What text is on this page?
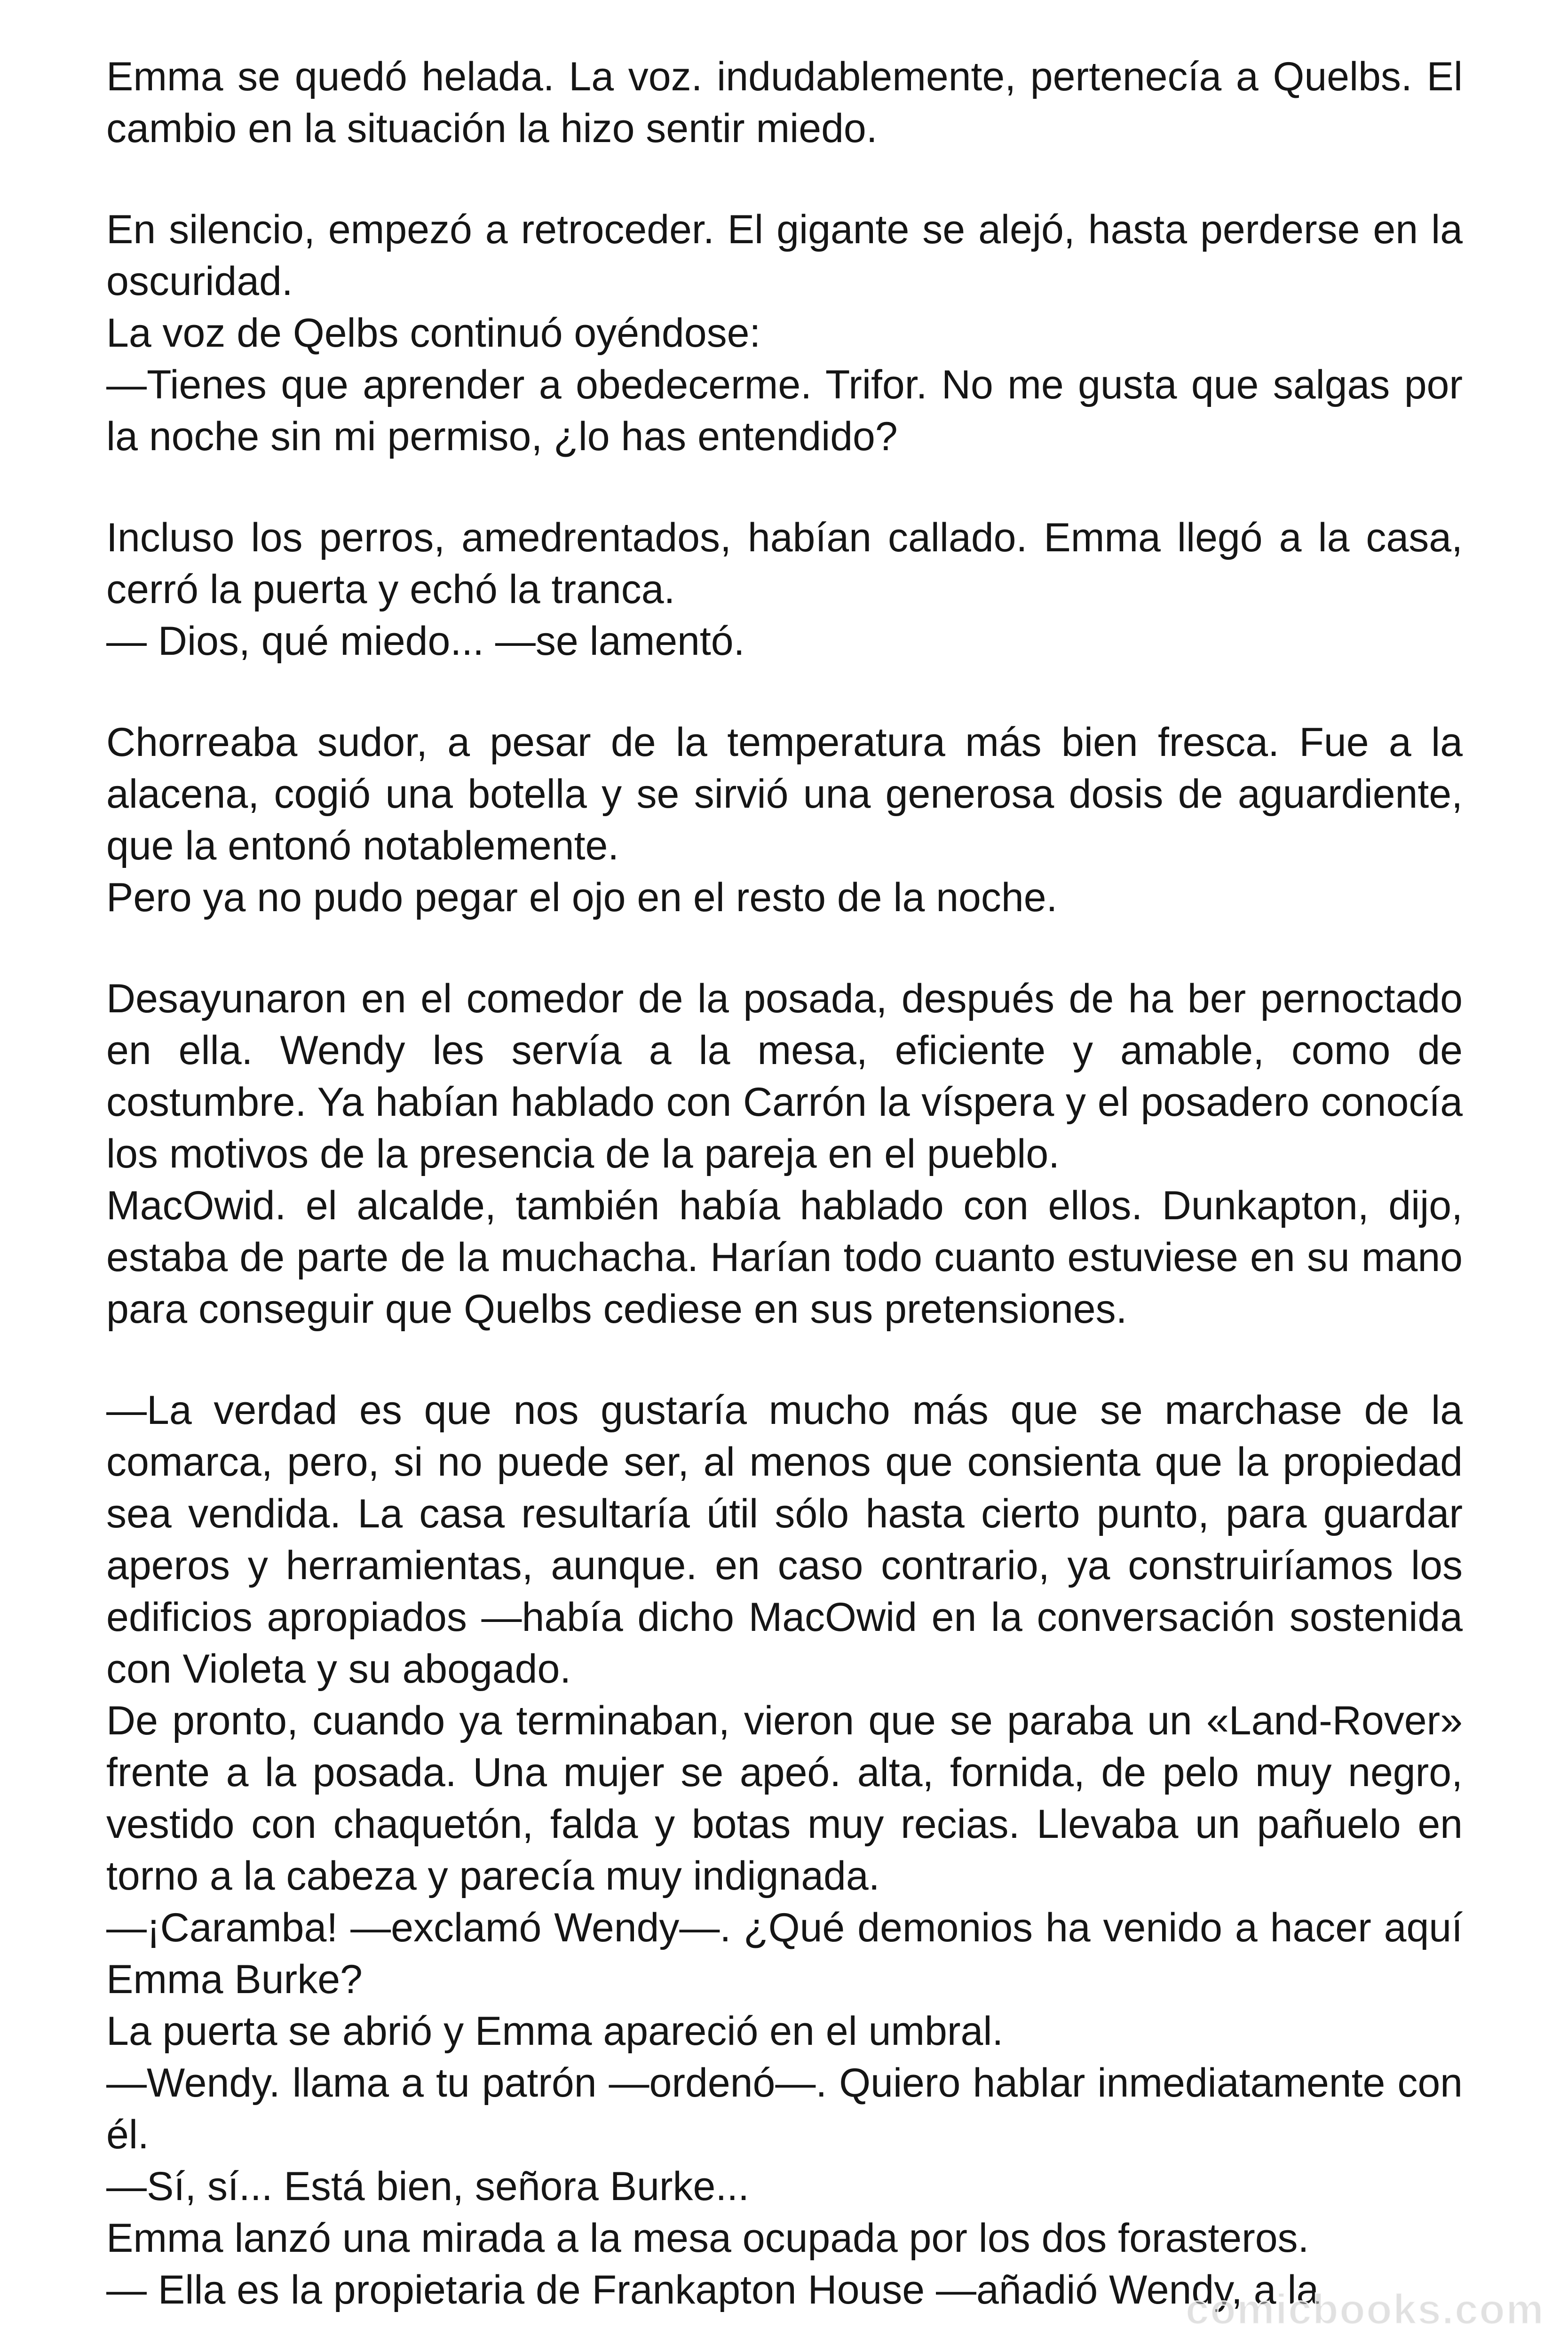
Emma se quedó helada. La voz. indudablemente, pertenecía a Quelbs. El cambio en la situación la hizo sentir miedo.
En silencio, empezó a retroceder. El gigante se alejó, hasta perderse en la oscuridad.
La voz de Qelbs continuó oyéndose:
—Tienes que aprender a obedecerme. Trifor. No me gusta que salgas por la noche sin mi permiso, ¿lo has entendido?
Incluso los perros, amedrentados, habían callado. Emma llegó a la casa, cerró la puerta y echó la tranca.
— Dios, qué miedo... —se lamentó.
Chorreaba sudor, a pesar de la temperatura más bien fresca. Fue a la alacena, cogió una botella y se sirvió una generosa dosis de aguardiente, que la entonó notablemente.
Pero ya no pudo pegar el ojo en el resto de la noche.
Desayunaron en el comedor de la posada, después de ha ber pernoctado en ella. Wendy les servía a la mesa, eficiente y amable, como de costumbre. Ya habían hablado con Carrón la víspera y el posadero conocía los motivos de la presencia de la pareja en el pueblo.
MacOwid. el alcalde, también había hablado con ellos. Dunkapton, dijo, estaba de parte de la muchacha. Harían todo cuanto estuviese en su mano para conseguir que Quelbs cediese en sus pretensiones.
—La verdad es que nos gustaría mucho más que se marchase de la comarca, pero, si no puede ser, al menos que consienta que la propiedad sea vendida. La casa resultaría útil sólo hasta cierto punto, para guardar aperos y herramientas, aunque. en caso contrario, ya construiríamos los edificios apropiados —había dicho MacOwid en la conversación sostenida con Violeta y su abogado.
De pronto, cuando ya terminaban, vieron que se paraba un «Land-Rover» frente a la posada. Una mujer se apeó. alta, fornida, de pelo muy negro, vestido con chaquetón, falda y botas muy recias. Llevaba un pañuelo en torno a la cabeza y parecía muy indignada.
—¡Caramba! —exclamó Wendy—. ¿Qué demonios ha venido a hacer aquí Emma Burke?
La puerta se abrió y Emma apareció en el umbral.
—Wendy. llama a tu patrón —ordenó—. Quiero hablar inmediatamente con él.
—Sí, sí... Está bien, señora Burke...
Emma lanzó una mirada a la mesa ocupada por los dos forasteros.
— Ella es la propietaria de Frankapton House —añadió Wendy, a la
comicbooks.com
